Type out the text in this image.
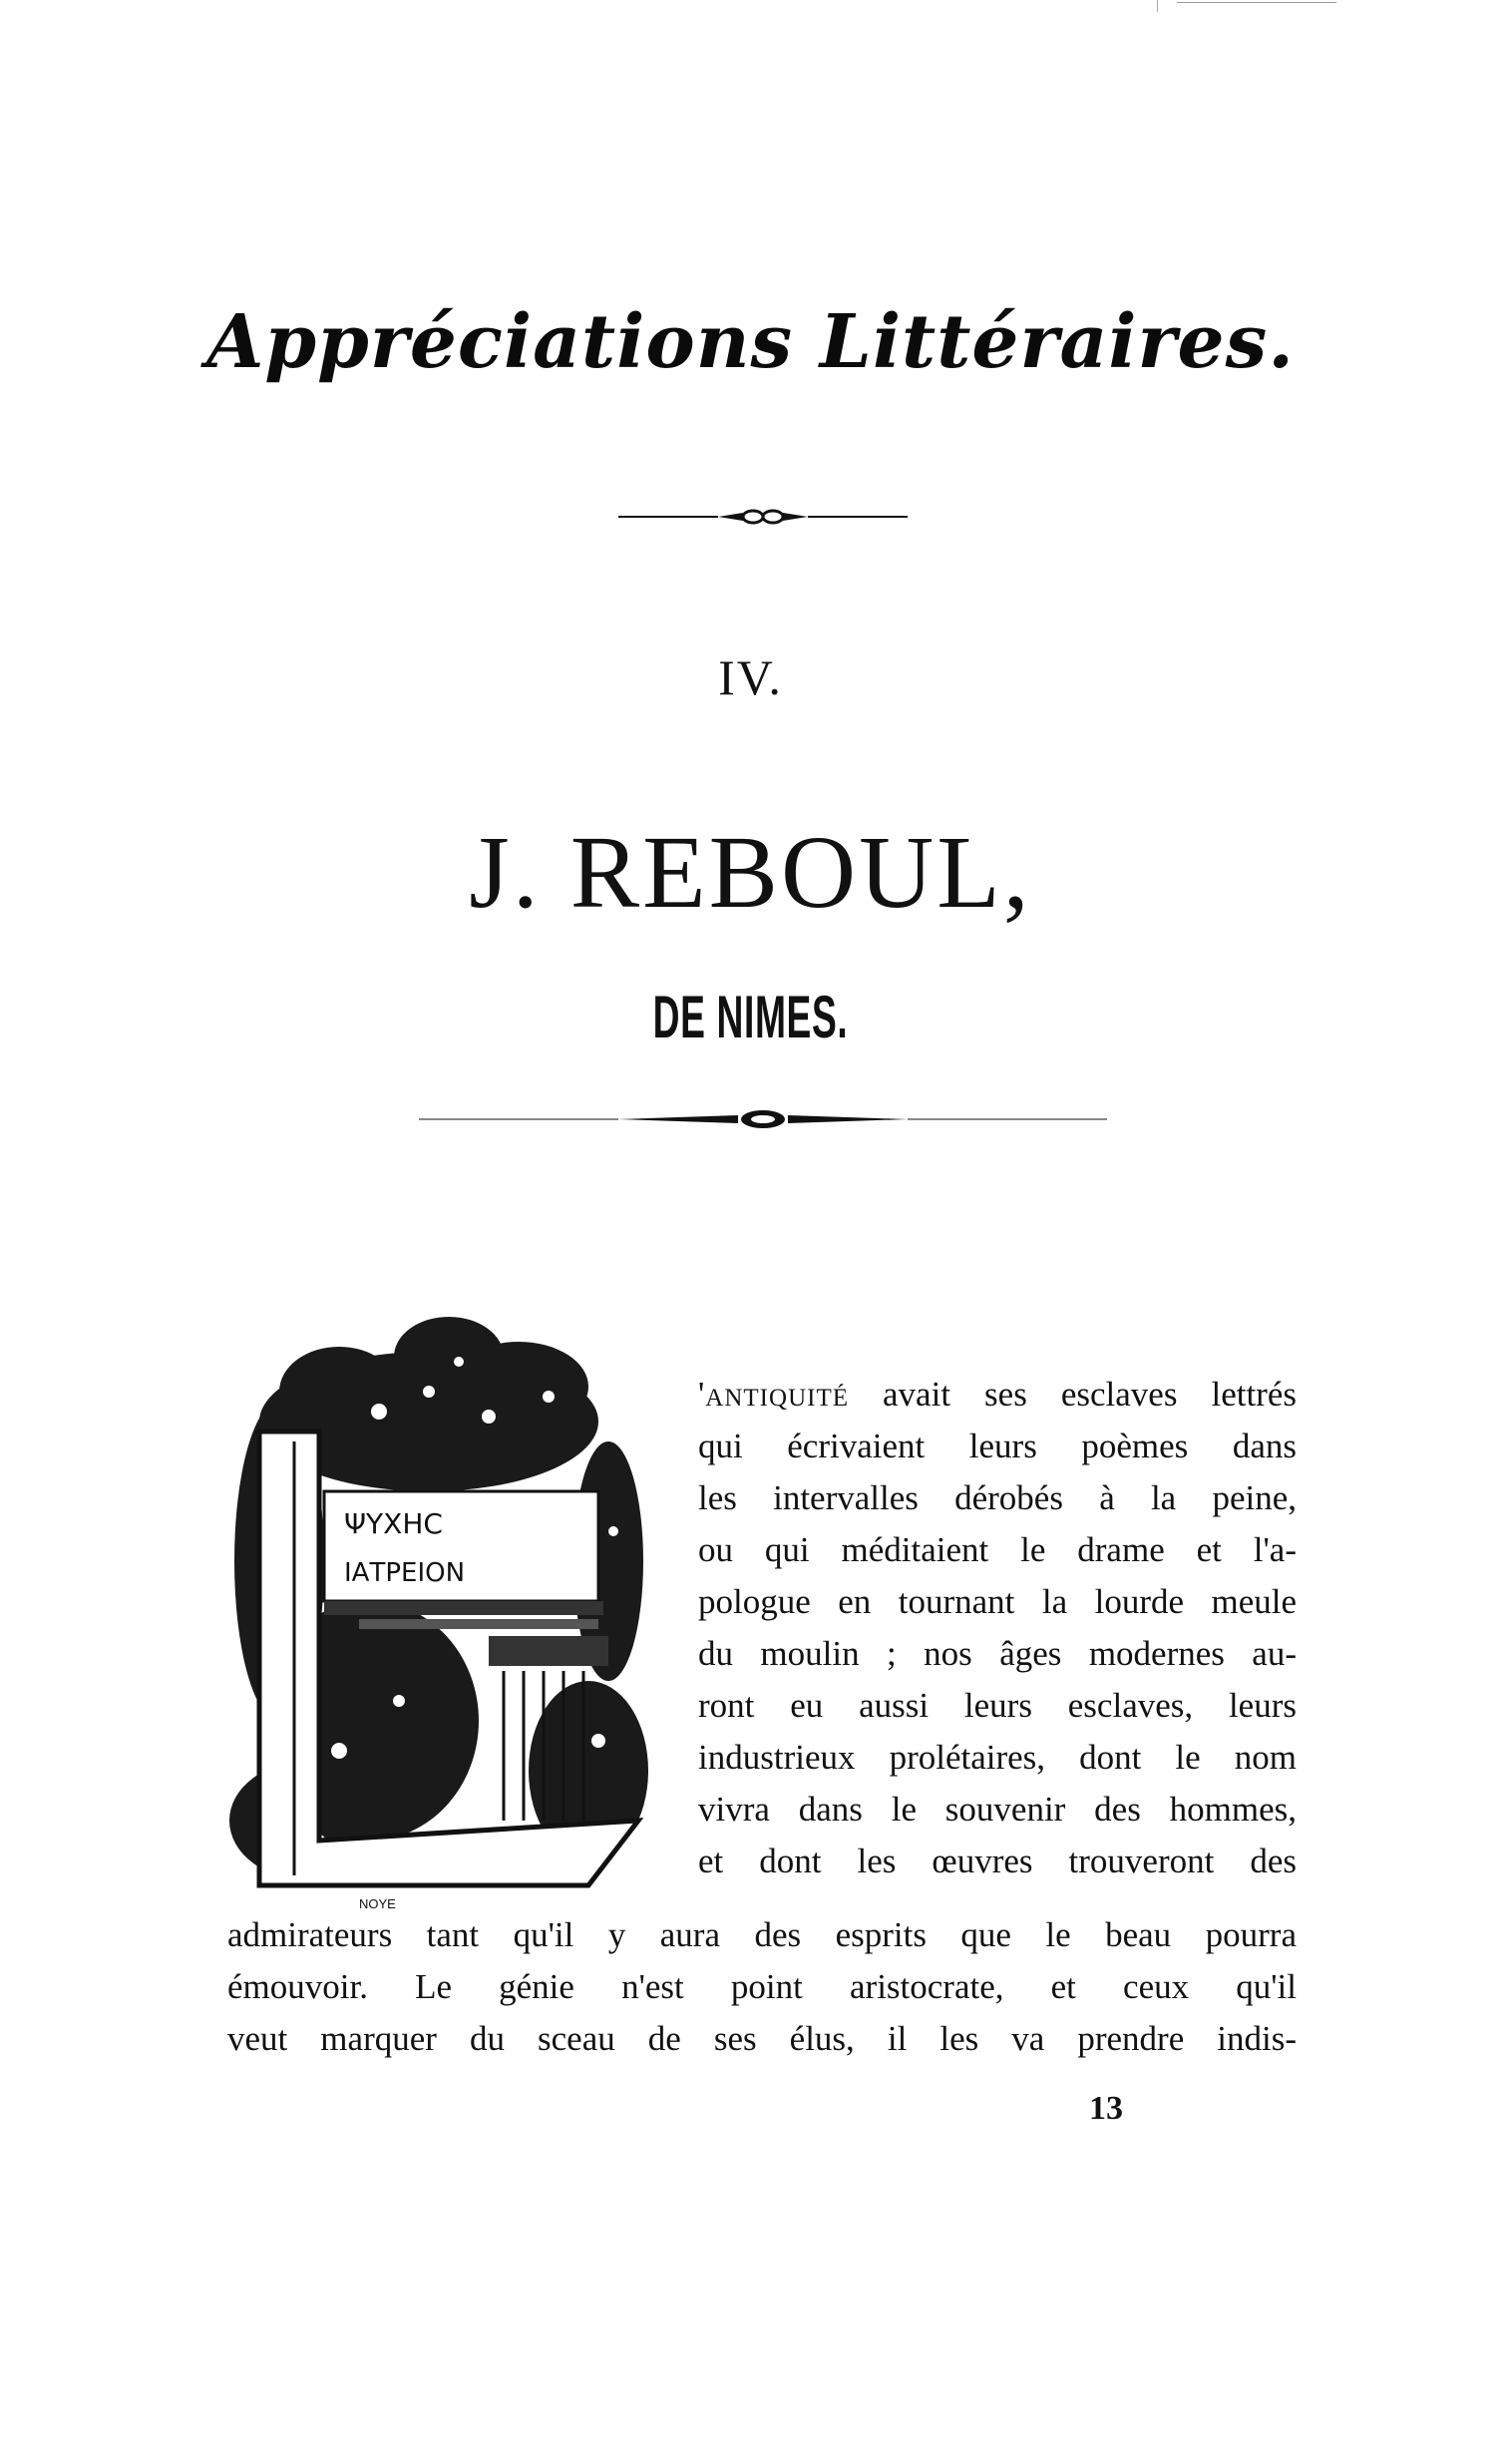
Appréciations Littéraires.
IV.
J. REBOUL,
DE NIMES.
ΨΥΧΗC
ΙΑΤΡΕΙΟΝ
L
NOYE
'antiquité avait ses esclaves lettrés
qui écrivaient leurs poèmes dans
les intervalles dérobés à la peine,
ou qui méditaient le drame et l'a-
pologue en tournant la lourde meule
du moulin ; nos âges modernes au-
ront eu aussi leurs esclaves, leurs
industrieux prolétaires, dont le nom
vivra dans le souvenir des hommes,
et dont les œuvres trouveront des
admirateurs tant qu'il y aura des esprits que le beau pourra
émouvoir. Le génie n'est point aristocrate, et ceux qu'il
veut marquer du sceau de ses élus, il les va prendre indis-
13
